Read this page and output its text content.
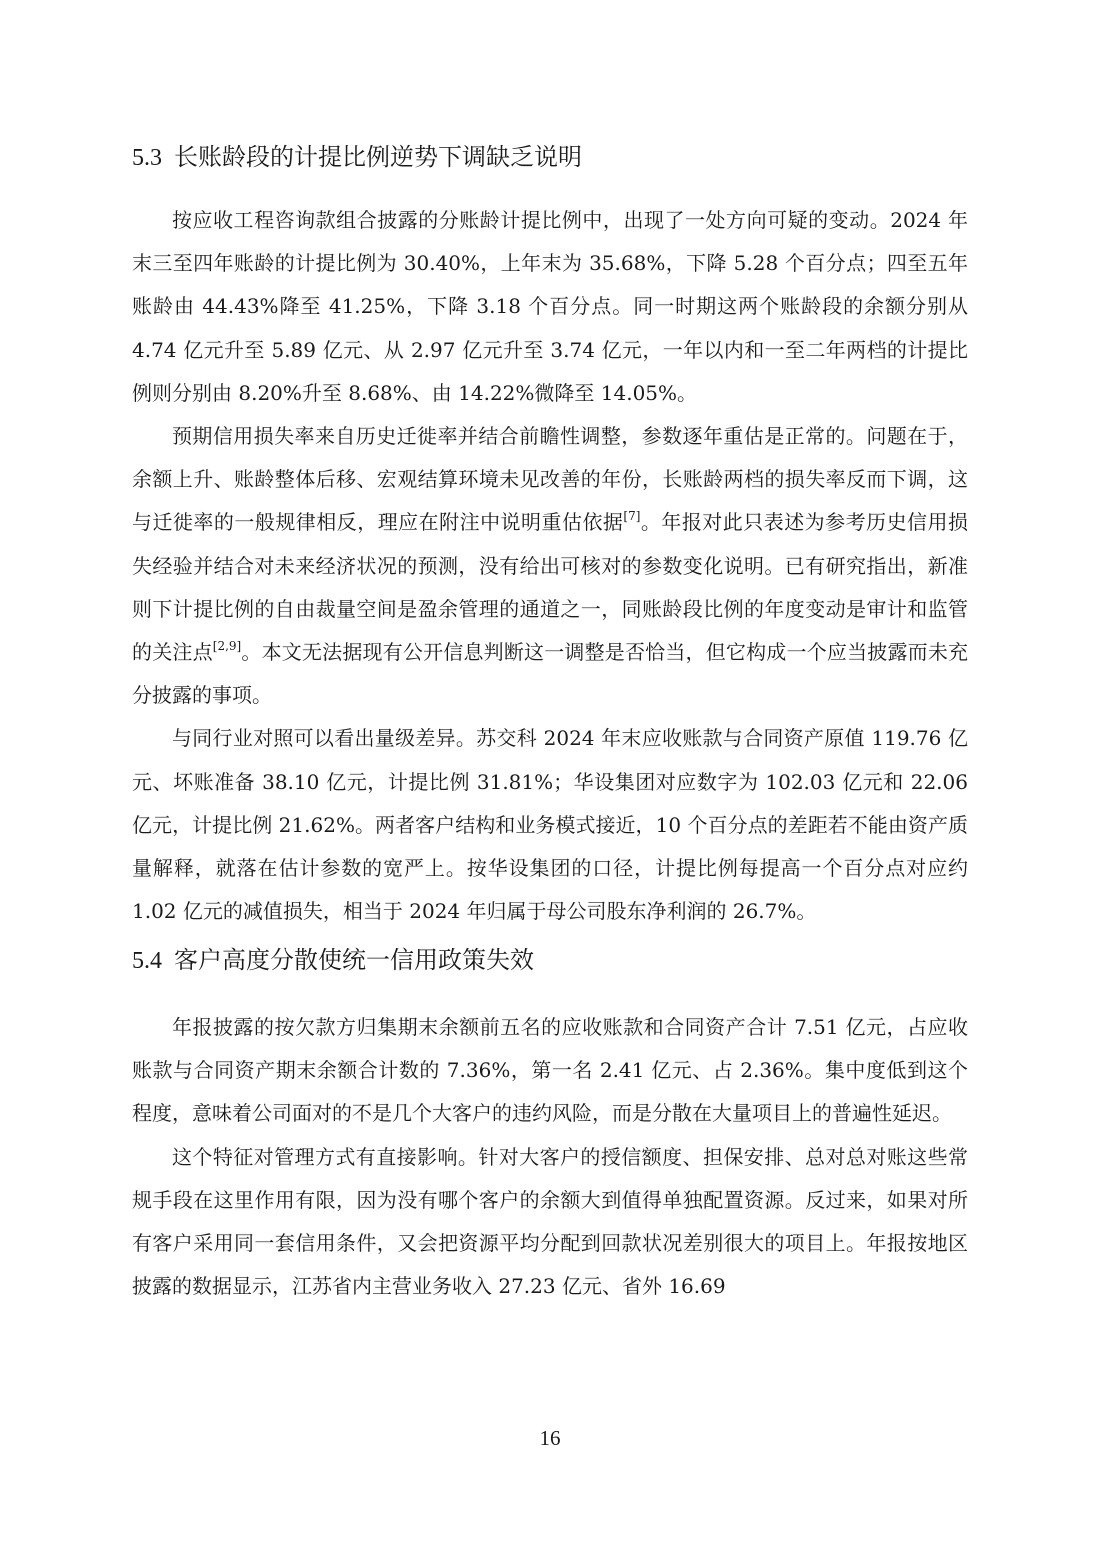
5.3 长账龄段的计提比例逆势下调缺乏说明

按应收工程咨询款组合披露的分账龄计提比例中，出现了一处方向可疑的变动。2024 年末三至四年账龄的计提比例为 30.40%，上年末为 35.68%，下降 5.28 个百分点；四至五年账龄由 44.43%降至 41.25%，下降 3.18 个百分点。同一时期这两个账龄段的余额分别从 4.74 亿元升至 5.89 亿元、从 2.97 亿元升至 3.74 亿元，一年以内和一至二年两档的计提比例则分别由 8.20%升至 8.68%、由 14.22%微降至 14.05%。

预期信用损失率来自历史迁徙率并结合前瞻性调整，参数逐年重估是正常的。问题在于，余额上升、账龄整体后移、宏观结算环境未见改善的年份，长账龄两档的损失率反而下调，这与迁徙率的一般规律相反，理应在附注中说明重估依据[7]。年报对此只表述为参考历史信用损失经验并结合对未来经济状况的预测，没有给出可核对的参数变化说明。已有研究指出，新准则下计提比例的自由裁量空间是盈余管理的通道之一，同账龄段比例的年度变动是审计和监管的关注点[2,9]。本文无法据现有公开信息判断这一调整是否恰当，但它构成一个应当披露而未充分披露的事项。

与同行业对照可以看出量级差异。苏交科 2024 年末应收账款与合同资产原值 119.76 亿元、坏账准备 38.10 亿元，计提比例 31.81%；华设集团对应数字为 102.03 亿元和 22.06 亿元，计提比例 21.62%。两者客户结构和业务模式接近，10 个百分点的差距若不能由资产质量解释，就落在估计参数的宽严上。按华设集团的口径，计提比例每提高一个百分点对应约 1.02 亿元的减值损失，相当于 2024 年归属于母公司股东净利润的 26.7%。

5.4 客户高度分散使统一信用政策失效

年报披露的按欠款方归集期末余额前五名的应收账款和合同资产合计 7.51 亿元，占应收账款与合同资产期末余额合计数的 7.36%，第一名 2.41 亿元、占 2.36%。集中度低到这个程度，意味着公司面对的不是几个大客户的违约风险，而是分散在大量项目上的普遍性延迟。

这个特征对管理方式有直接影响。针对大客户的授信额度、担保安排、总对总对账这些常规手段在这里作用有限，因为没有哪个客户的余额大到值得单独配置资源。反过来，如果对所有客户采用同一套信用条件，又会把资源平均分配到回款状况差别很大的项目上。年报按地区披露的数据显示，江苏省内主营业务收入 27.23 亿元、省外 16.69

16
